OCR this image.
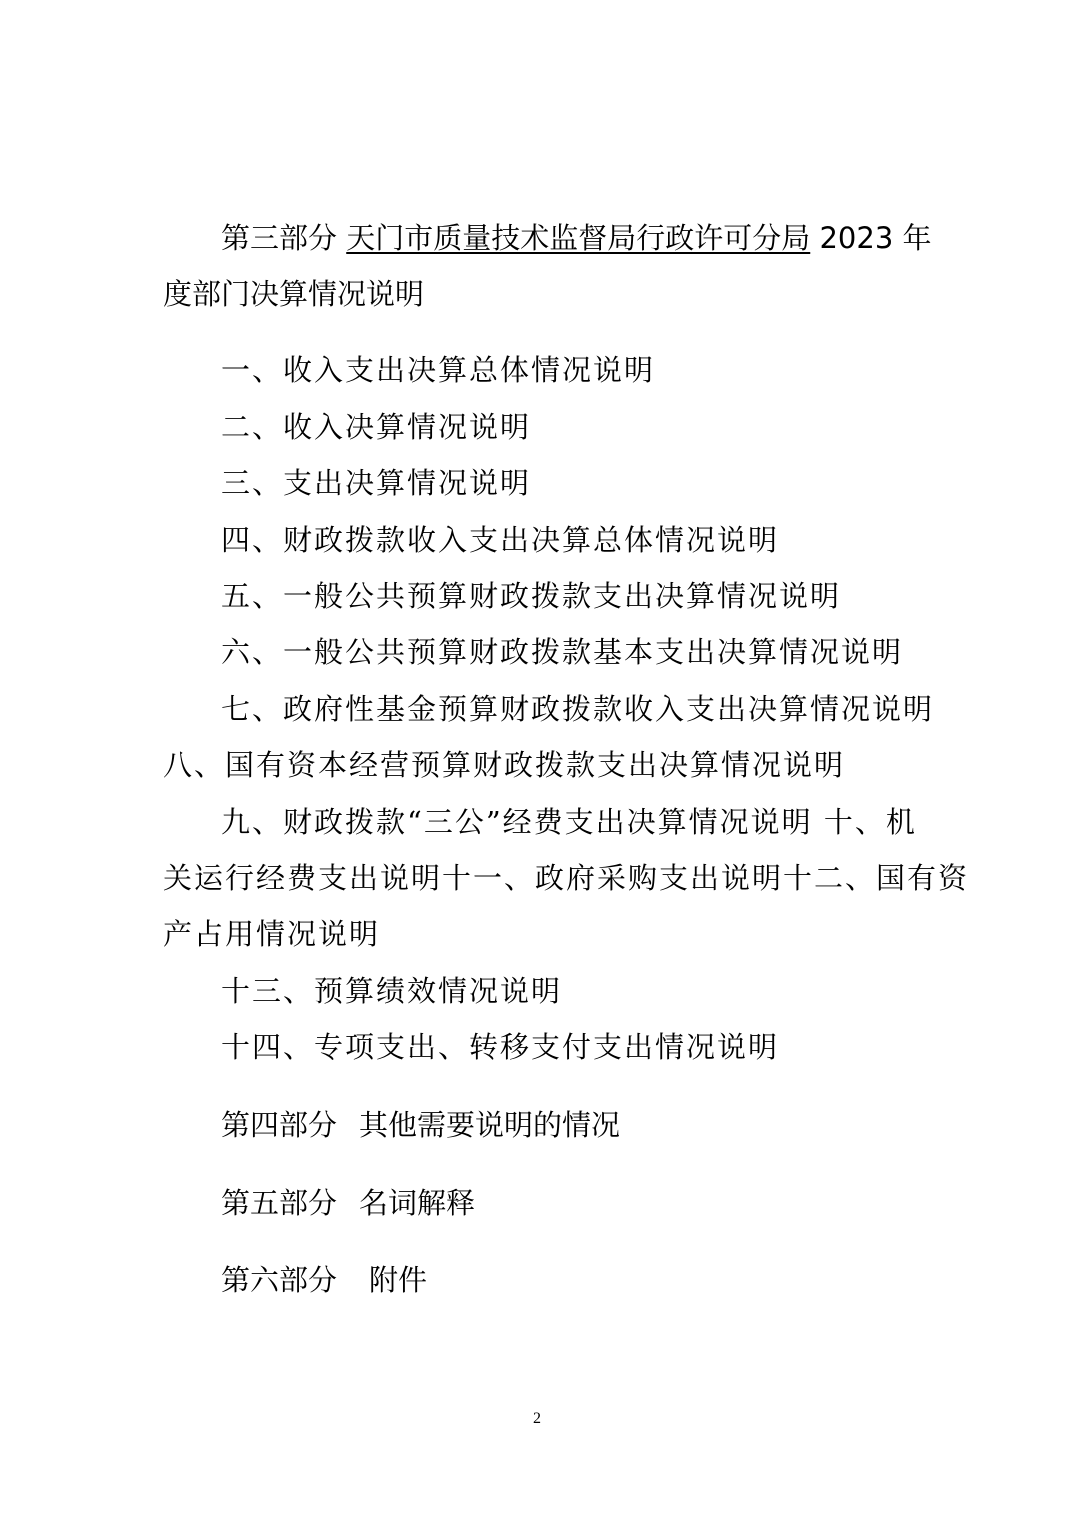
第三部分 天门市质量技术监督局行政许可分局 2023 年
度部门决算情况说明
一、收入支出决算总体情况说明
二、收入决算情况说明
三、支出决算情况说明
四、财政拨款收入支出决算总体情况说明
五、一般公共预算财政拨款支出决算情况说明
六、一般公共预算财政拨款基本支出决算情况说明
七、政府性基金预算财政拨款收入支出决算情况说明
八、国有资本经营预算财政拨款支出决算情况说明
九、财政拨款“三公”经费支出决算情况说明 十、机
关运行经费支出说明十一、政府采购支出说明十二、国有资
产占用情况说明
十三、预算绩效情况说明
十四、专项支出、转移支付支出情况说明
第四部分 其他需要说明的情况
第五部分 名词解释
第六部分 附件
2
